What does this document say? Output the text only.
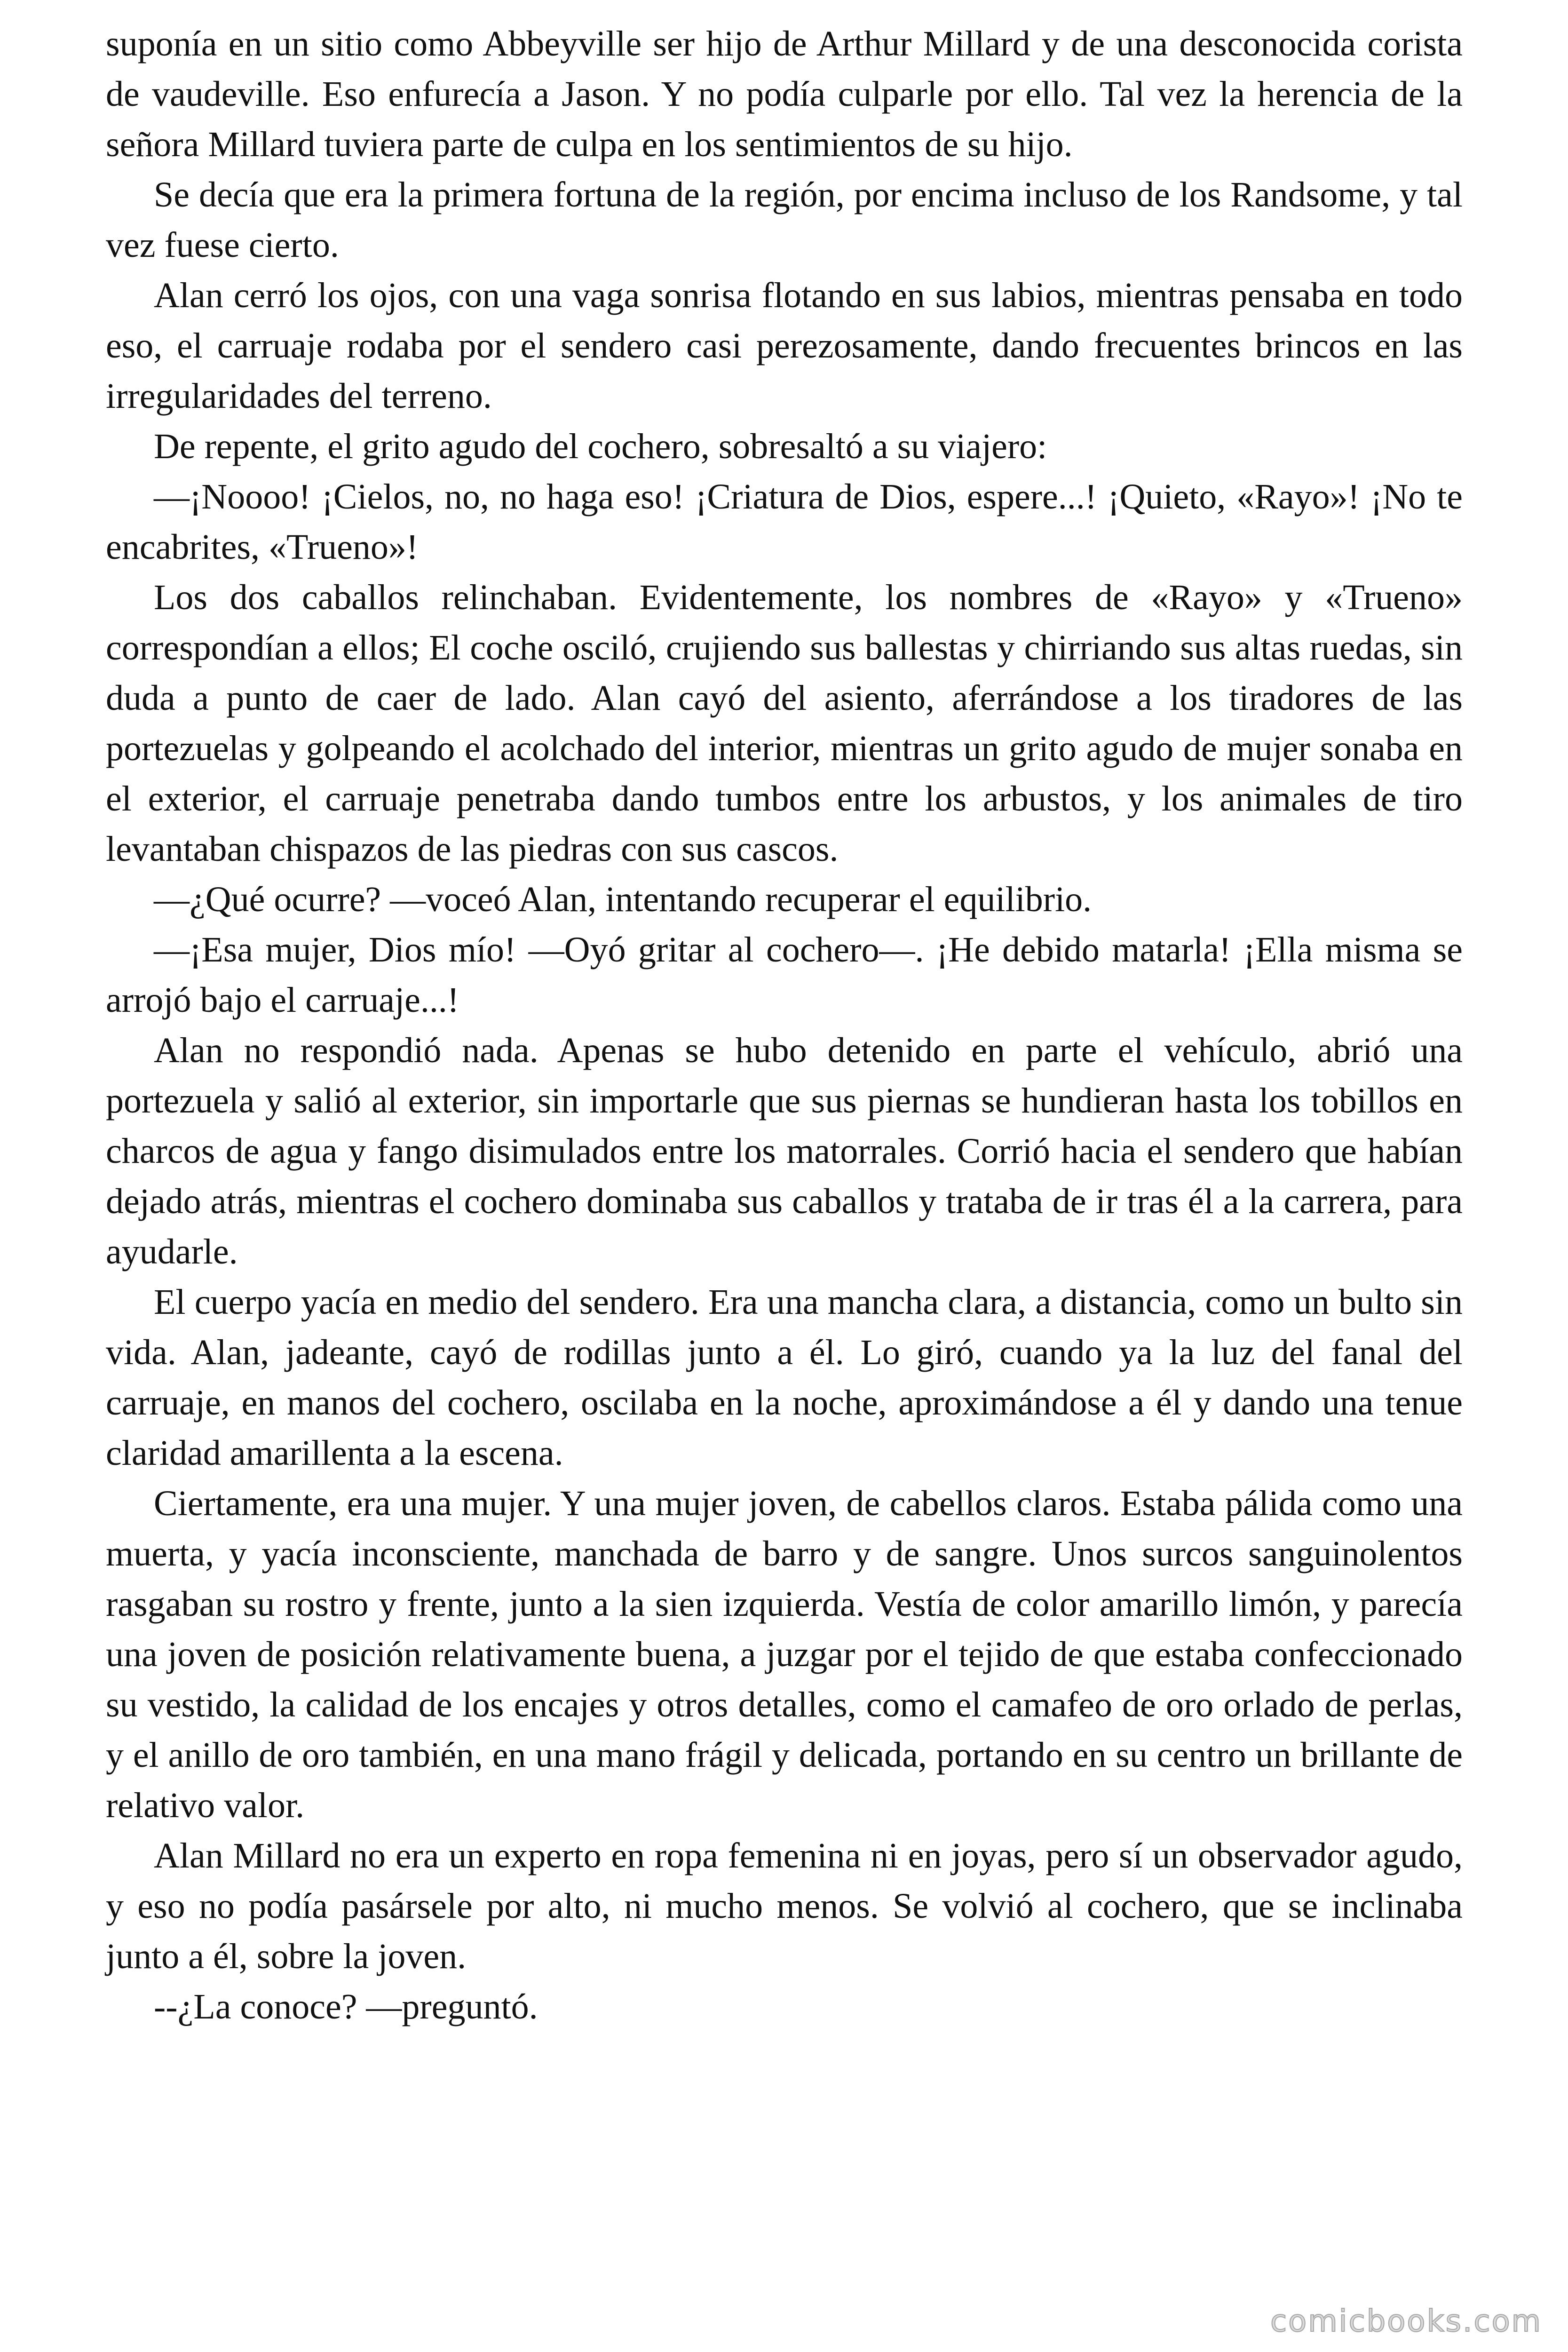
suponía en un sitio como Abbeyville ser hijo de Arthur Millard y de una desconocida corista de vaudeville. Eso enfurecía a Jason. Y no podía culparle por ello. Tal vez la herencia de la señora Millard tuviera parte de culpa en los sentimientos de su hijo.

Se decía que era la primera fortuna de la región, por encima incluso de los Randsome, y tal vez fuese cierto.

Alan cerró los ojos, con una vaga sonrisa flotando en sus labios, mientras pensaba en todo eso, el carruaje rodaba por el sendero casi perezosamente, dando frecuentes brincos en las irregularidades del terreno.

De repente, el grito agudo del cochero, sobresaltó a su viajero:

—¡Noooo! ¡Cielos, no, no haga eso! ¡Criatura de Dios, espere...! ¡Quieto, «Rayo»! ¡No te encabrites, «Trueno»!

Los dos caballos relinchaban. Evidentemente, los nombres de «Rayo» y «Trueno» correspondían a ellos; El coche osciló, crujiendo sus ballestas y chirriando sus altas ruedas, sin duda a punto de caer de lado. Alan cayó del asiento, aferrándose a los tiradores de las portezuelas y golpeando el acolchado del interior, mientras un grito agudo de mujer sonaba en el exterior, el carruaje penetraba dando tumbos entre los arbustos, y los animales de tiro levantaban chispazos de las piedras con sus cascos.

—¿Qué ocurre? —voceó Alan, intentando recuperar el equilibrio.

—¡Esa mujer, Dios mío! —Oyó gritar al cochero—. ¡He debido matarla! ¡Ella misma se arrojó bajo el carruaje...!

Alan no respondió nada. Apenas se hubo detenido en parte el vehículo, abrió una portezuela y salió al exterior, sin importarle que sus piernas se hundieran hasta los tobillos en charcos de agua y fango disimulados entre los matorrales. Corrió hacia el sendero que habían dejado atrás, mientras el cochero dominaba sus caballos y trataba de ir tras él a la carrera, para ayudarle.

El cuerpo yacía en medio del sendero. Era una mancha clara, a distancia, como un bulto sin vida. Alan, jadeante, cayó de rodillas junto a él. Lo giró, cuando ya la luz del fanal del carruaje, en manos del cochero, oscilaba en la noche, aproximándose a él y dando una tenue claridad amarillenta a la escena.

Ciertamente, era una mujer. Y una mujer joven, de cabellos claros. Estaba pálida como una muerta, y yacía inconsciente, manchada de barro y de sangre. Unos surcos sanguinolentos rasgaban su rostro y frente, junto a la sien izquierda. Vestía de color amarillo limón, y parecía una joven de posición relativamente buena, a juzgar por el tejido de que estaba confeccionado su vestido, la calidad de los encajes y otros detalles, como el camafeo de oro orlado de perlas, y el anillo de oro también, en una mano frágil y delicada, portando en su centro un brillante de relativo valor.

Alan Millard no era un experto en ropa femenina ni en joyas, pero sí un observador agudo, y eso no podía pasársele por alto, ni mucho menos. Se volvió al cochero, que se inclinaba junto a él, sobre la joven.

--¿La conoce? —preguntó.

comicbooks.com
